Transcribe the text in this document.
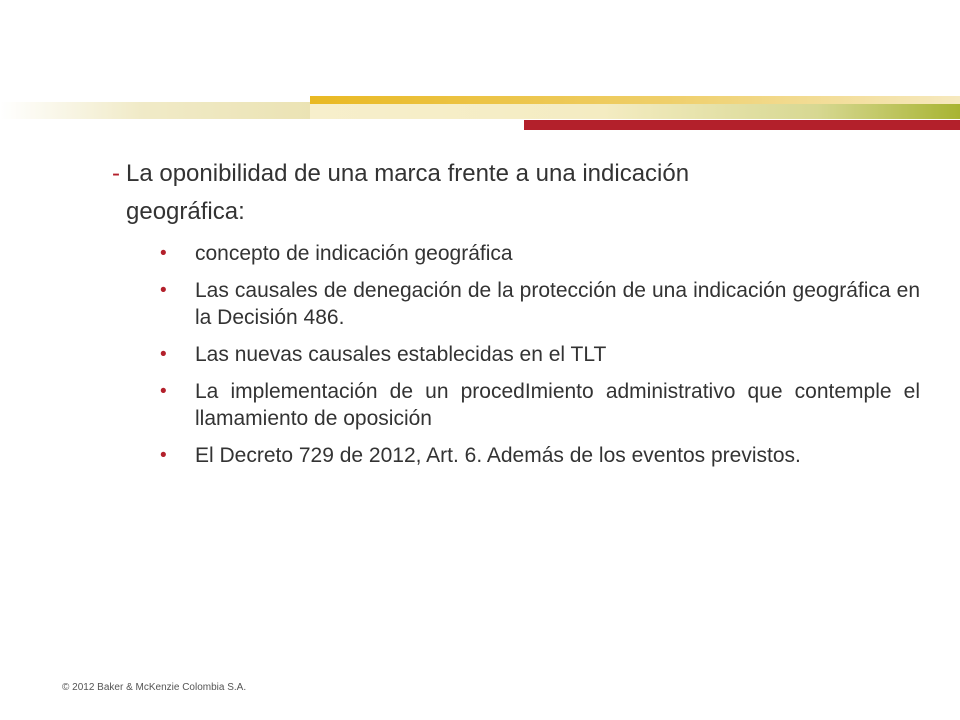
- La oponibilidad de una marca frente a una indicación
geográfica:
• concepto de indicación geográfica
• Las causales de denegación de la protección de una indicación geográfica en la Decisión 486.
• Las nuevas causales establecidas en el TLT
• La implementación de un procedImiento administrativo que contemple el llamamiento de oposición
• El Decreto 729 de 2012, Art. 6. Además de los eventos previstos.
© 2012 Baker & McKenzie Colombia S.A.
